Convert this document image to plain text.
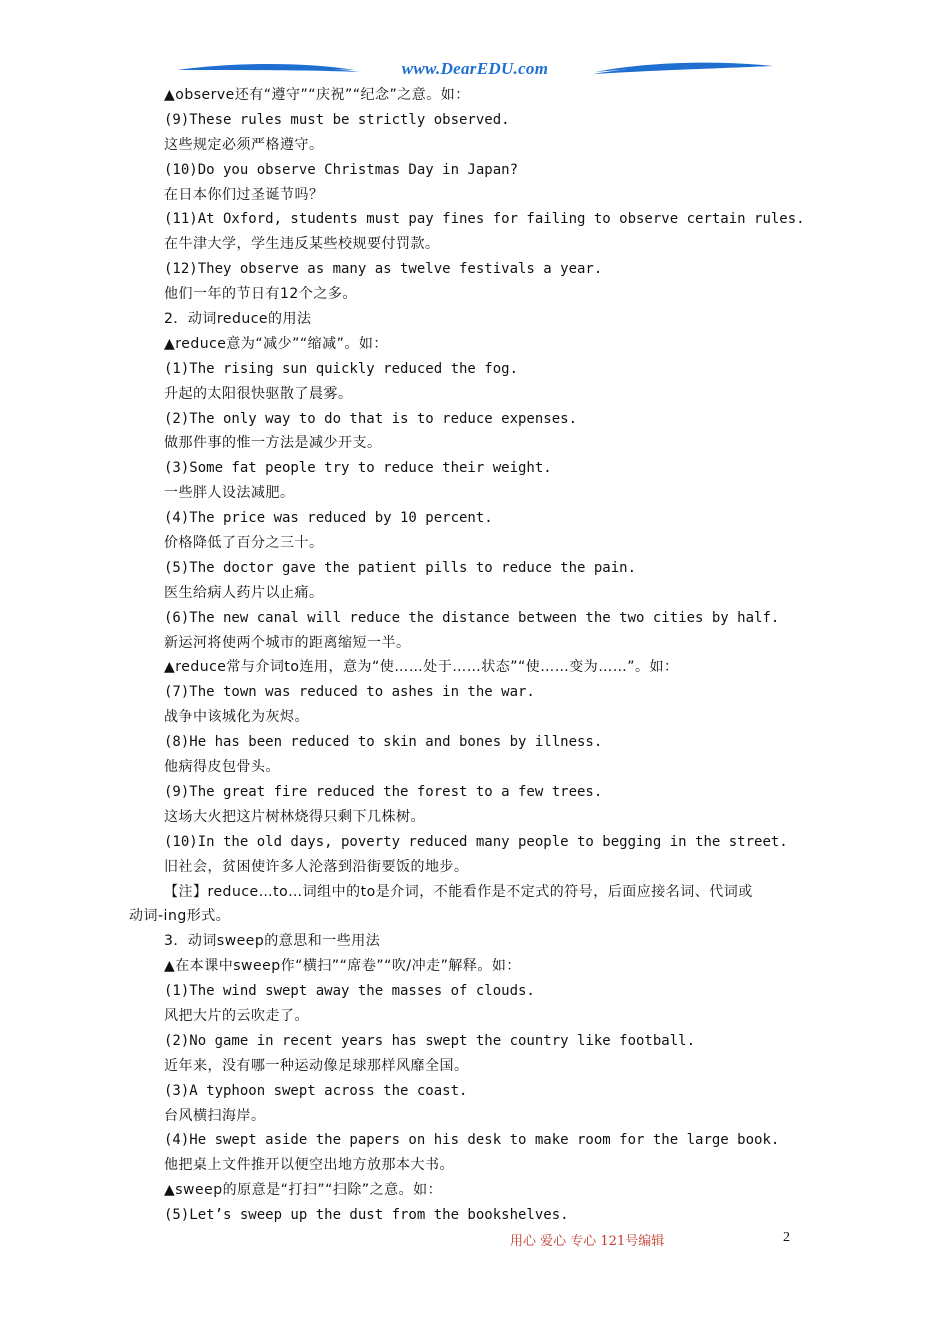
www.DearEDU.com
▲observe还有“遵守”“庆祝”“纪念”之意。如：
(9)These rules must be strictly observed.
这些规定必须严格遵守。
(10)Do you observe Christmas Day in Japan?
在日本你们过圣诞节吗？
(11)At Oxford, students must pay fines for failing to observe certain rules.
在牛津大学，学生违反某些校规要付罚款。
(12)They observe as many as twelve festivals a year.
他们一年的节日有12个之多。
2．动词reduce的用法
▲reduce意为“减少”“缩减”。如：
(1)The rising sun quickly reduced the fog.
升起的太阳很快驱散了晨雾。
(2)The only way to do that is to reduce expenses.
做那件事的惟一方法是减少开支。
(3)Some fat people try to reduce their weight.
一些胖人设法减肥。
(4)The price was reduced by 10 percent.
价格降低了百分之三十。
(5)The doctor gave the patient pills to reduce the pain.
医生给病人药片以止痛。
(6)The new canal will reduce the distance between the two cities by half.
新运河将使两个城市的距离缩短一半。
▲reduce常与介词to连用，意为“使……处于……状态”“使……变为……”。如：
(7)The town was reduced to ashes in the war.
战争中该城化为灰烬。
(8)He has been reduced to skin and bones by illness.
他病得皮包骨头。
(9)The great fire reduced the forest to a few trees.
这场大火把这片树林烧得只剩下几株树。
(10)In the old days, poverty reduced many people to begging in the street.
旧社会，贫困使许多人沦落到沿街要饭的地步。
【注】reduce…to…词组中的to是介词，不能看作是不定式的符号，后面应接名词、代词或
动词-ing形式。
3．动词sweep的意思和一些用法
▲在本课中sweep作“横扫”“席卷”“吹/冲走”解释。如：
(1)The wind swept away the masses of clouds.
风把大片的云吹走了。
(2)No game in recent years has swept the country like football.
近年来，没有哪一种运动像足球那样风靡全国。
(3)A typhoon swept across the coast.
台风横扫海岸。
(4)He swept aside the papers on his desk to make room for the large book.
他把桌上文件推开以便空出地方放那本大书。
▲sweep的原意是“打扫”“扫除”之意。如：
(5)Let’s sweep up the dust from the bookshelves.
用心 爱心 专心 121号编辑	2
